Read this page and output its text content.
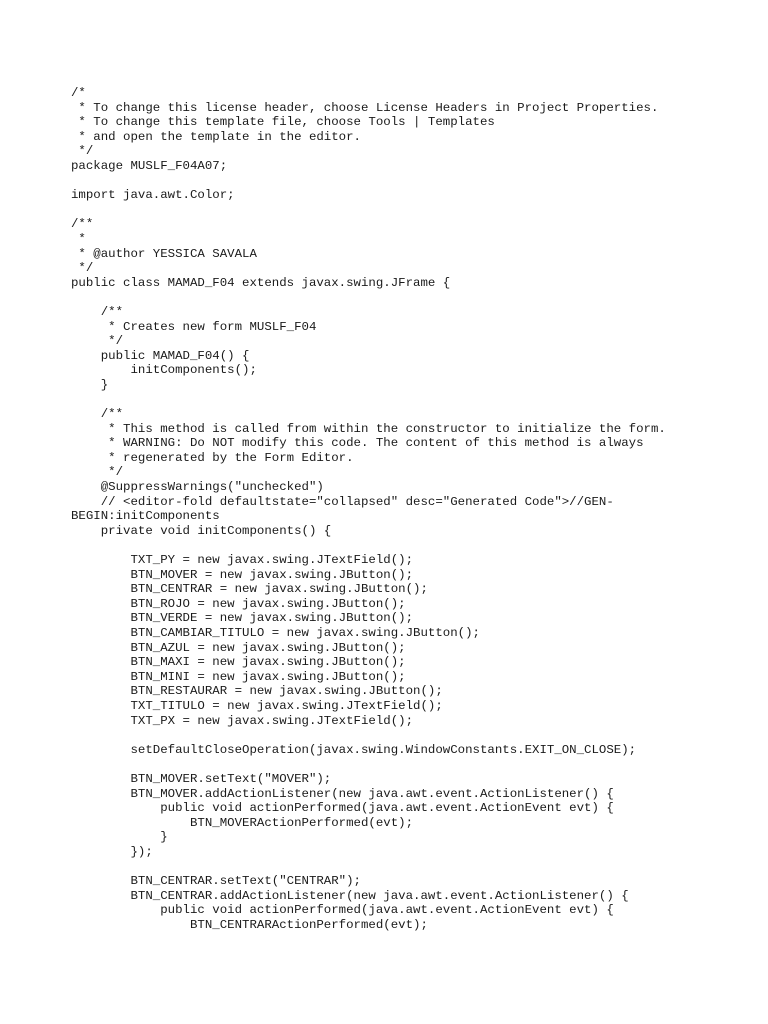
/*
* To change this license header, choose License Headers in Project Properties.
* To change this template file, choose Tools | Templates
* and open the template in the editor.
*/
package MUSLF_F04A07;
import java.awt.Color;
/**
*
* @author YESSICA SAVALA
*/
public class MAMAD_F04 extends javax.swing.JFrame {
/**
* Creates new form MUSLF_F04
*/
public MAMAD_F04() {
initComponents();
}
/**
* This method is called from within the constructor to initialize the form.
* WARNING: Do NOT modify this code. The content of this method is always
* regenerated by the Form Editor.
*/
@SuppressWarnings("unchecked")
// <editor-fold defaultstate="collapsed" desc="Generated Code">//GEN-
BEGIN:initComponents
private void initComponents() {
TXT_PY = new javax.swing.JTextField();
BTN_MOVER = new javax.swing.JButton();
BTN_CENTRAR = new javax.swing.JButton();
BTN_ROJO = new javax.swing.JButton();
BTN_VERDE = new javax.swing.JButton();
BTN_CAMBIAR_TITULO = new javax.swing.JButton();
BTN_AZUL = new javax.swing.JButton();
BTN_MAXI = new javax.swing.JButton();
BTN_MINI = new javax.swing.JButton();
BTN_RESTAURAR = new javax.swing.JButton();
TXT_TITULO = new javax.swing.JTextField();
TXT_PX = new javax.swing.JTextField();
setDefaultCloseOperation(javax.swing.WindowConstants.EXIT_ON_CLOSE);
BTN_MOVER.setText("MOVER");
BTN_MOVER.addActionListener(new java.awt.event.ActionListener() {
public void actionPerformed(java.awt.event.ActionEvent evt) {
BTN_MOVERActionPerformed(evt);
}
});
BTN_CENTRAR.setText("CENTRAR");
BTN_CENTRAR.addActionListener(new java.awt.event.ActionListener() {
public void actionPerformed(java.awt.event.ActionEvent evt) {
BTN_CENTRARActionPerformed(evt);
